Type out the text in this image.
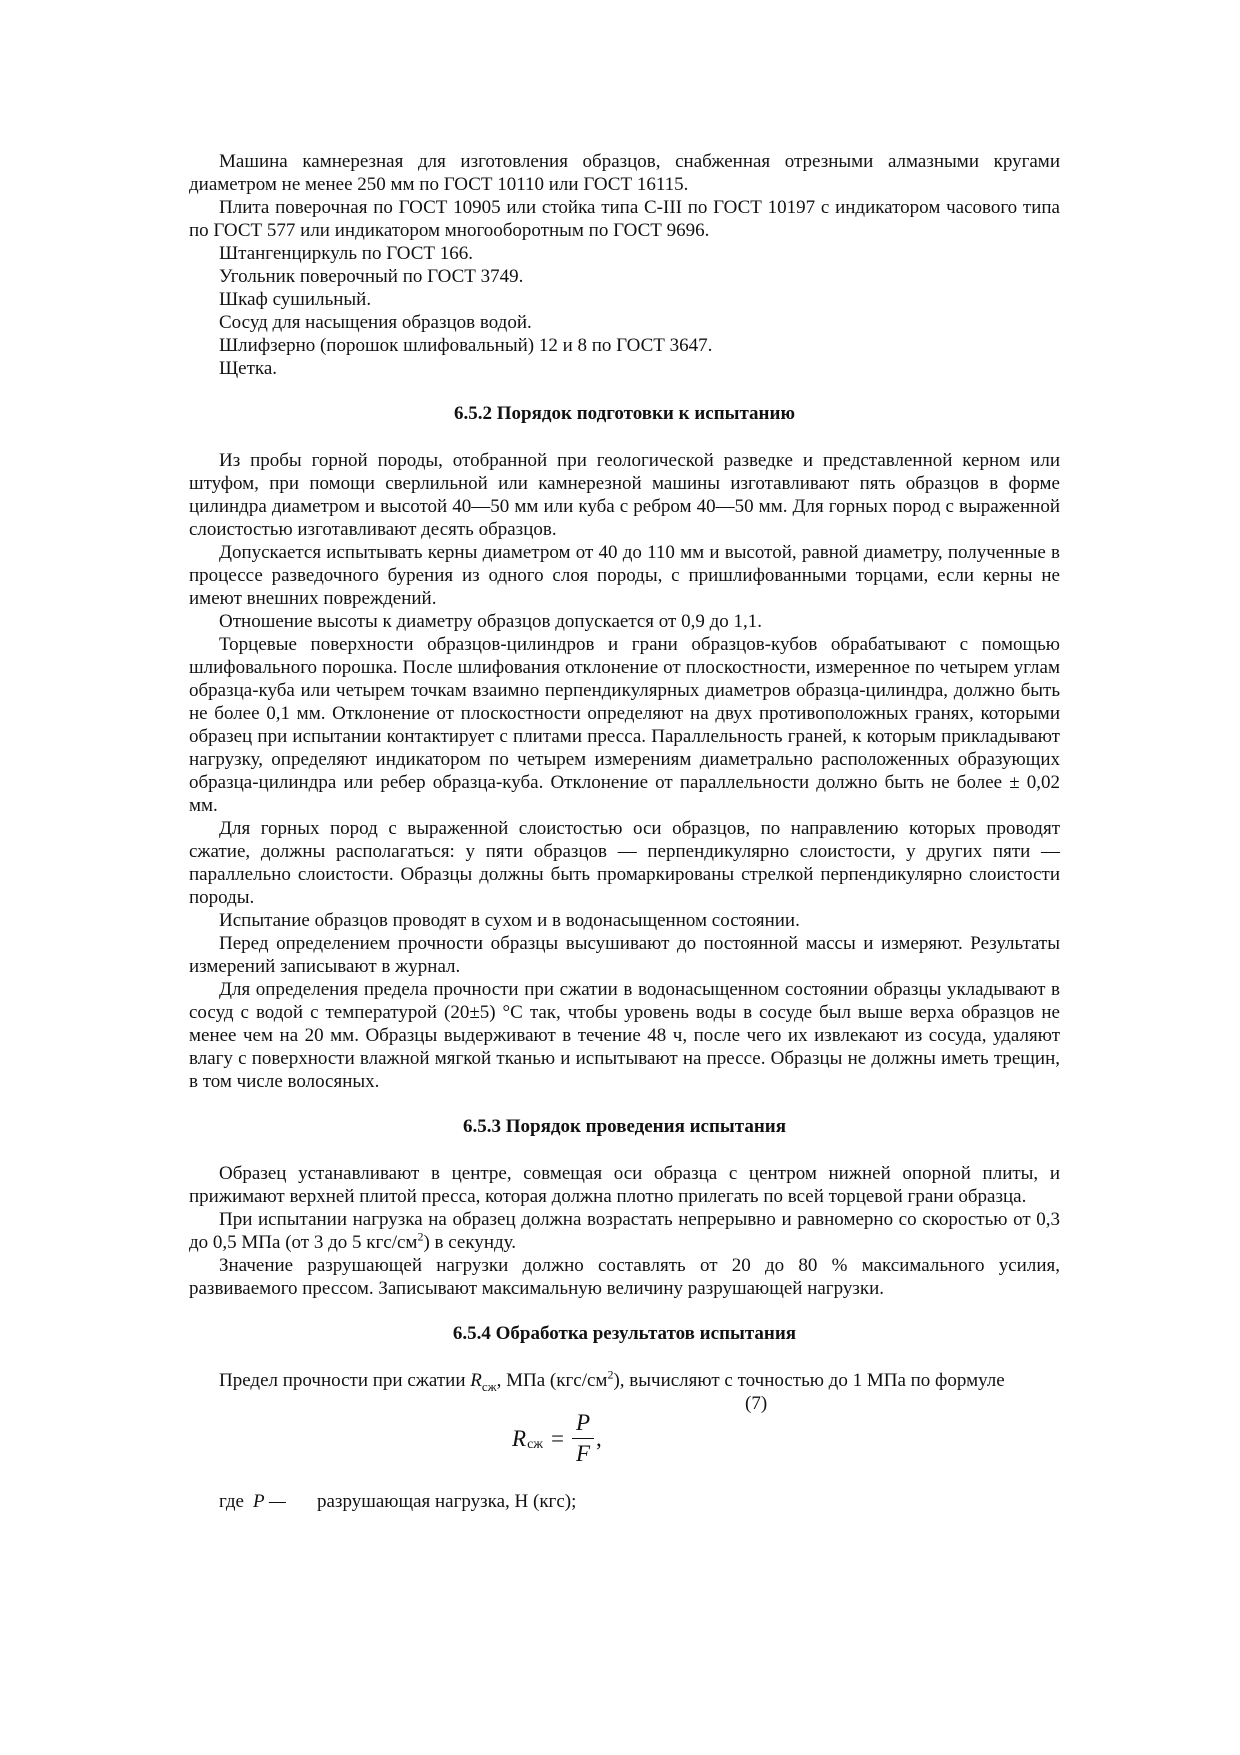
Машина камнерезная для изготовления образцов, снабженная отрезными алмазными кругами диаметром не менее 250 мм по ГОСТ 10110 или ГОСТ 16115.

Плита поверочная по ГОСТ 10905 или стойка типа С-III по ГОСТ 10197 с индикатором часового типа по ГОСТ 577 или индикатором многооборотным по ГОСТ 9696.

Штангенциркуль по ГОСТ 166.

Угольник поверочный по ГОСТ 3749.

Шкаф сушильный.

Сосуд для насыщения образцов водой.

Шлифзерно (порошок шлифовальный) 12 и 8 по ГОСТ 3647.

Щетка.

6.5.2 Порядок подготовки к испытанию

Из пробы горной породы, отобранной при геологической разведке и представленной керном или штуфом, при помощи сверлильной или камнерезной машины изготавливают пять образцов в форме цилиндра диаметром и высотой 40—50 мм или куба с ребром 40—50 мм. Для горных пород с выраженной слоистостью изготавливают десять образцов.

Допускается испытывать керны диаметром от 40 до 110 мм и высотой, равной диаметру, полученные в процессе разведочного бурения из одного слоя породы, с пришлифованными торцами, если керны не имеют внешних повреждений.

Отношение высоты к диаметру образцов допускается от 0,9 до 1,1.

Торцевые поверхности образцов-цилиндров и грани образцов-кубов обрабатывают с помощью шлифовального порошка. После шлифования отклонение от плоскостности, измеренное по четырем углам образца-куба или четырем точкам взаимно перпендикулярных диаметров образца-цилиндра, должно быть не более 0,1 мм. Отклонение от плоскостности определяют на двух противоположных гранях, которыми образец при испытании контактирует с плитами пресса. Параллельность граней, к которым прикладывают нагрузку, определяют индикатором по четырем измерениям диаметрально расположенных образующих образца-цилиндра или ребер образца-куба. Отклонение от параллельности должно быть не более ± 0,02 мм.

Для горных пород с выраженной слоистостью оси образцов, по направлению которых проводят сжатие, должны располагаться: у пяти образцов — перпендикулярно слоистости, у других пяти — параллельно слоистости. Образцы должны быть промаркированы стрелкой перпендикулярно слоистости породы.

Испытание образцов проводят в сухом и в водонасыщенном состоянии.

Перед определением прочности образцы высушивают до постоянной массы и измеряют. Результаты измерений записывают в журнал.

Для определения предела прочности при сжатии в водонасыщенном состоянии образцы укладывают в сосуд с водой с температурой (20±5) °С так, чтобы уровень воды в сосуде был выше верха образцов не менее чем на 20 мм. Образцы выдерживают в течение 48 ч, после чего их извлекают из сосуда, удаляют влагу с поверхности влажной мягкой тканью и испытывают на прессе. Образцы не должны иметь трещин, в том числе волосяных.

6.5.3 Порядок проведения испытания

Образец устанавливают в центре, совмещая оси образца с центром нижней опорной плиты, и прижимают верхней плитой пресса, которая должна плотно прилегать по всей торцевой грани образца.

При испытании нагрузка на образец должна возрастать непрерывно и равномерно со скоростью от 0,3 до 0,5 МПа (от 3 до 5 кгс/$см^2$) в секунду.

Значение разрушающей нагрузки должно составлять от 20 до 80 % максимального усилия, развиваемого прессом. Записывают максимальную величину разрушающей нагрузки.

6.5.4 Обработка результатов испытания

Предел прочности при сжатии $R_{сж}$, МПа $(кгс/см^2)$, вычисляют с точностью до 1 МПа по формуле

(7)
R сж = $\frac{P}{F}$ ,
где P —	разрушающая нагрузка, Н (кгс);
